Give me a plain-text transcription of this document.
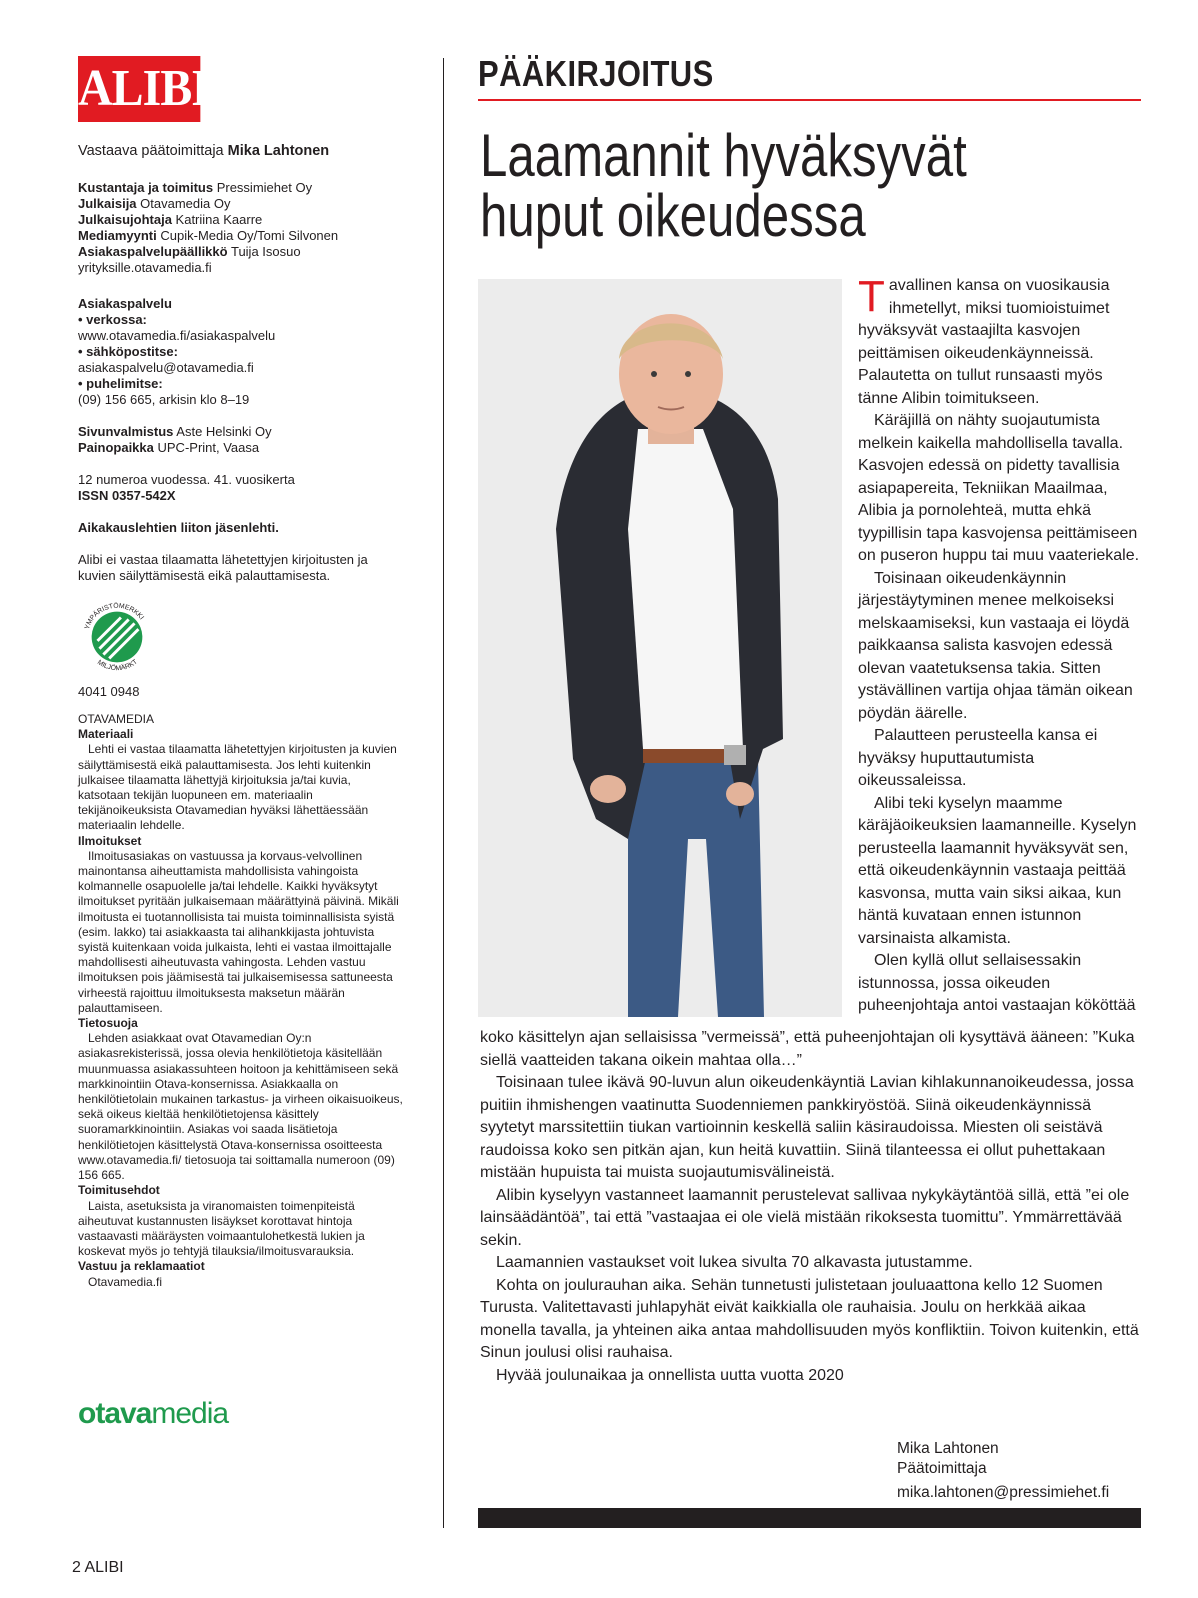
ALIBI

Vastaava päätoimittaja Mika Lahtonen

Kustantaja ja toimitus Pressimiehet Oy

Julkaisija Otavamedia Oy

Julkaisujohtaja Katriina Kaarre

Mediamyynti Cupik-Media Oy/Tomi Silvonen

Asiakaspalvelupäällikkö Tuija Isosuo

yrityksille.otavamedia.fi

Asiakaspalvelu

• verkossa:

www.otavamedia.fi/asiakaspalvelu

• sähköpostitse:

asiakaspalvelu@otavamedia.fi

• puhelimitse:

(09) 156 665, arkisin klo 8–19

Sivunvalmistus Aste Helsinki Oy

Painopaikka UPC-Print, Vaasa

12 numeroa vuodessa. 41. vuosikerta

ISSN 0357-542X

Aikakauslehtien liiton jäsenlehti.

Alibi ei vastaa tilaamatta lähetettyjen kirjoitusten ja kuvien säilyttämisestä eikä palauttamisesta.

YMPÄRISTÖMERKKI
MILJÖMÄRKT

4041 0948

OTAVAMEDIA

Materiaali

Lehti ei vastaa tilaamatta lähetettyjen kirjoitusten ja kuvien säilyttämisestä eikä palauttamisesta. Jos lehti kuitenkin julkaisee tilaamatta lähettyjä kirjoituksia ja/tai kuvia, katsotaan tekijän luopuneen em. materiaalin tekijänoikeuksista Otavamedian hyväksi lähettäessään materiaalin lehdelle.

Ilmoitukset

Ilmoitusasiakas on vastuussa ja korvaus-velvollinen mainontansa aiheuttamista mahdollisista vahingoista kolmannelle osapuolelle ja/tai lehdelle. Kaikki hyväksytyt ilmoitukset pyritään julkaisemaan määrättyinä päivinä. Mikäli ilmoitusta ei tuotannollisista tai muista toiminnallisista syistä (esim. lakko) tai asiakkaasta tai alihankkijasta johtuvista syistä kuitenkaan voida julkaista, lehti ei vastaa ilmoittajalle mahdollisesti aiheutuvasta vahingosta. Lehden vastuu ilmoituksen pois jäämisestä tai julkaisemisessa sattuneesta virheestä rajoittuu ilmoituksesta maksetun määrän palauttamiseen.

Tietosuoja

Lehden asiakkaat ovat Otavamedian Oy:n asiakasrekisterissä, jossa olevia henkilötietoja käsitellään muunmuassa asiakassuhteen hoitoon ja kehittämiseen sekä markkinointiin Otava-konsernissa. Asiakkaalla on henkilötietolain mukainen tarkastus- ja virheen oikaisuoikeus, sekä oikeus kieltää henkilötietojensa käsittely suoramarkkinointiin. Asiakas voi saada lisätietoja henkilötietojen käsittelystä Otava-konsernissa osoitteesta www.otavamedia.fi/ tietosuoja tai soittamalla numeroon (09) 156 665.

Toimitusehdot

Laista, asetuksista ja viranomaisten toimenpiteistä aiheutuvat kustannusten lisäykset korottavat hintoja vastaavasti määräysten voimaantulohetkestä lukien ja koskevat myös jo tehtyjä tilauksia/ilmoitusvarauksia.

Vastuu ja reklamaatiot

Otavamedia.fi

otavamedia
PÄÄKIRJOITUS
Laamannit hyväksyvät
huput oikeudessa

Tavallinen kansa on vuosikausia ihmetellyt, miksi tuomioistuimet hyväksyvät vastaajilta kasvojen peittämisen oikeudenkäynneissä. Palautetta on tullut runsaasti myös tänne Alibin toimitukseen.

Käräjillä on nähty suojautumista melkein kaikella mahdollisella tavalla. Kasvojen edessä on pidetty tavallisia asiapapereita, Tekniikan Maailmaa, Alibia ja pornolehteä, mutta ehkä tyypillisin tapa kasvojensa peittämiseen on puseron huppu tai muu vaateriekale.

Toisinaan oikeudenkäynnin järjestäytyminen menee melkoiseksi melskaamiseksi, kun vastaaja ei löydä paikkaansa salista kasvojen edessä olevan vaatetuksensa takia. Sitten ystävällinen vartija ohjaa tämän oikean pöydän äärelle.

Palautteen perusteella kansa ei hyväksy huputtautumista oikeussaleissa.

Alibi teki kyselyn maamme käräjäoikeuksien laamanneille. Kyselyn perusteella laamannit hyväksyvät sen, että oikeudenkäynnin vastaaja peittää kasvonsa, mutta vain siksi aikaa, kun häntä kuvataan ennen istunnon varsinaista alkamista.

Olen kyllä ollut sellaisessakin istunnossa, jossa oikeuden puheenjohtaja antoi vastaajan kököttää

koko käsittelyn ajan sellaisissa ”vermeissä”, että puheenjohtajan oli kysyttävä ääneen: ”Kuka siellä vaatteiden takana oikein mahtaa olla…”

Toisinaan tulee ikävä 90-luvun alun oikeudenkäyntiä Lavian kihlakunnanoikeudessa, jossa puitiin ihmishengen vaatinutta Suodenniemen pankkiryöstöä. Siinä oikeudenkäynnissä syytetyt marssitettiin tiukan vartioinnin keskellä saliin käsiraudoissa. Miesten oli seistävä raudoissa koko sen pitkän ajan, kun heitä kuvattiin. Siinä tilanteessa ei ollut puhettakaan mistään hupuista tai muista suojautumisvälineistä.

Alibin kyselyyn vastanneet laamannit perustelevat sallivaa nykykäytäntöä sillä, että ”ei ole lainsäädäntöä”, tai että ”vastaajaa ei ole vielä mistään rikoksesta tuomittu”. Ymmärrettävää sekin.

Laamannien vastaukset voit lukea sivulta 70 alkavasta jutustamme.

Kohta on joulurauhan aika. Sehän tunnetusti julistetaan jouluaattona kello 12 Suomen Turusta. Valitettavasti juhlapyhät eivät kaikkialla ole rauhaisia. Joulu on herkkää aikaa monella tavalla, ja yhteinen aika antaa mahdollisuuden myös konfliktiin. Toivon kuitenkin, että Sinun joulusi olisi rauhaisa.

Hyvää joulunaikaa ja onnellista uutta vuotta 2020

Mika Lahtonen

Päätoimittaja

mika.lahtonen@pressimiehet.fi

2 ALIBI
